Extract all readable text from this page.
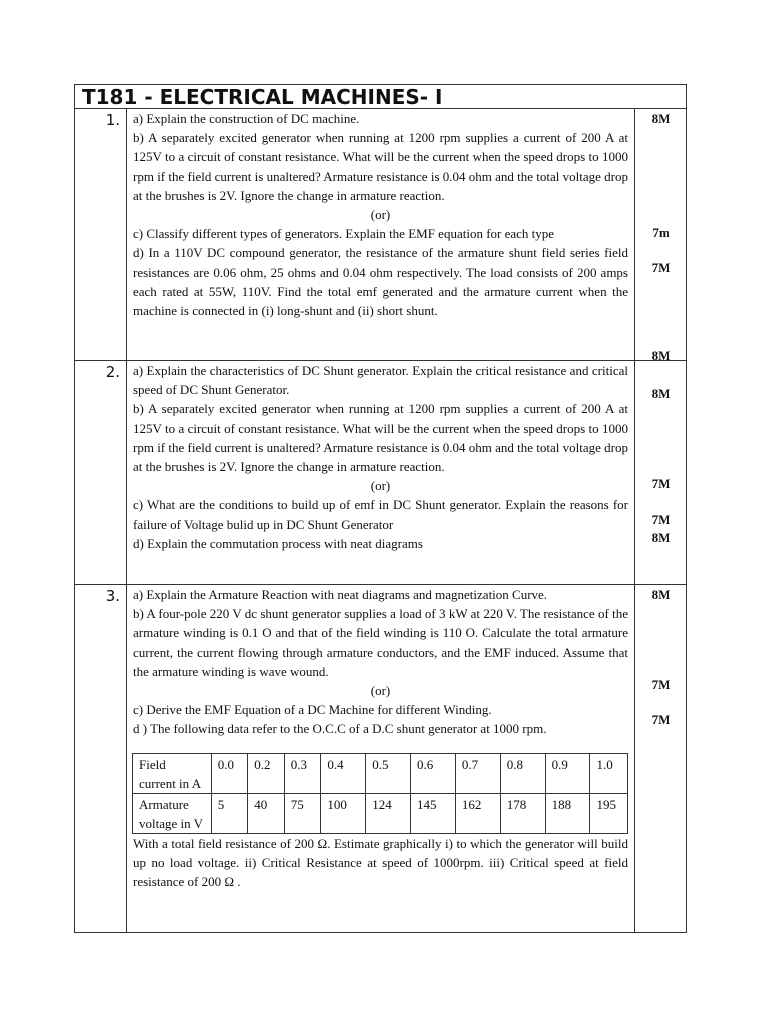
T181 - ELECTRICAL MACHINES- I
1.	a) Explain the construction of DC machine.

b) A separately excited generator when running at 1200 rpm supplies a current of 200 A at 125V to a circuit of constant resistance. What will be the current when the speed drops to 1000 rpm if the field current is unaltered? Armature resistance is 0.04 ohm and the total voltage drop at the brushes is 2V. Ignore the change in armature reaction.

(or)

c) Classify different types of generators. Explain the EMF equation for each type

d) In a 110V DC compound generator, the resistance of the armature shunt field series field resistances are 0.06 ohm, 25 ohms and 0.04 ohm respectively. The load consists of 200 amps each rated at 55W, 110V. Find the total emf generated and the armature current when the machine is connected in (i) long-shunt and (ii) short shunt.

8M
7m
7M
8M
2.	a) Explain the characteristics of DC Shunt generator. Explain the critical resistance and critical speed of DC Shunt Generator.

b) A separately excited generator when running at 1200 rpm supplies a current of 200 A at 125V to a circuit of constant resistance. What will be the current when the speed drops to 1000 rpm if the field current is unaltered? Armature resistance is 0.04 ohm and the total voltage drop at the brushes is 2V. Ignore the change in armature reaction.

(or)

c) What are the conditions to build up of emf in DC Shunt generator. Explain the reasons for failure of Voltage bulid up in DC Shunt Generator

d) Explain the commutation process with neat diagrams

8M
7M
7M
8M
3.	a) Explain the Armature Reaction with neat diagrams and magnetization Curve.

b) A four-pole 220 V dc shunt generator supplies a load of 3 kW at 220 V. The resistance of the armature winding is 0.1 O and that of the field winding is 110 O. Calculate the total armature current, the current flowing through armature conductors, and the EMF induced. Assume that the armature winding is wave wound.

(or)

c) Derive the EMF Equation of a DC Machine for different Winding.

d ) The following data refer to the O.C.C of a D.C shunt generator at 1000 rpm.

Field current in A	0.0	0.2	0.3	0.4	0.5	0.6	0.7	0.8	0.9	1.0
Armature voltage in V	5	40	75	100	124	145	162	178	188	195

With a total field resistance of 200 Ω. Estimate graphically i) to which the generator will build up no load voltage. ii) Critical Resistance at speed of 1000rpm. iii) Critical speed at field resistance of 200 Ω .

8M
7M
7M
